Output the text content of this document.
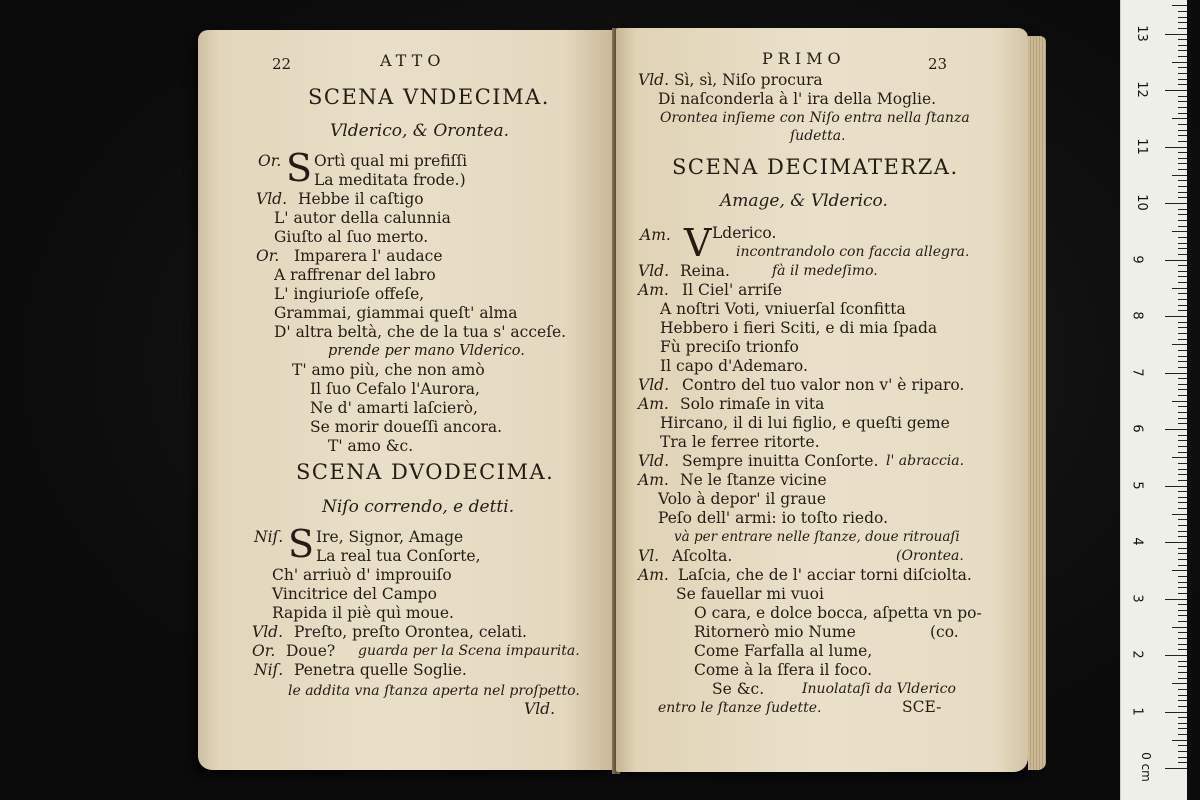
22	ATTO
SCENA VNDECIMA.
Vlderico, & Orontea.
Or. S Ortì qual mi prefiſſi
La meditata frode.)
Vld. Hebbe il caſtigo
L' autor della calunnia
Giuſto al ſuo merto.
Or. Imparera l' audace
A raffrenar del labro
L' ingiurioſe offeſe,
Grammai, giammai queſt' alma
D' altra beltà, che de la tua s' acceſe.
prende per mano Vlderico.
T' amo più, che non amò
Il ſuo Cefalo l'Aurora,
Ne d' amarti laſcierò,
Se morir doueſſi ancora.
T' amo &c.
SCENA DVODECIMA.
Niſo correndo, e detti.
Niſ. S Ire, Signor, Amage
La real tua Conſorte,
Ch' arriuò d' improuiſo
Vincitrice del Campo
Rapida il piè quì moue.
Vld. Preſto, preſto Orontea, celati.
Or. Doue? guarda per la Scena impaurita.
Niſ. Penetra quelle Soglie.
le addita vna ſtanza aperta nel proſpetto.
Vld.
PRIMO	23
Vld. Sì, sì, Niſo procura
Di naſconderla à l' ira della Moglie.
Orontea inſieme con Niſo entra nella ſtanza
ſudetta.
SCENA DECIMATERZA.
Amage, & Vlderico.
Am. V Lderico.
incontrandolo con faccia allegra.
Vld. Reina.	fà il medeſimo.
Am. Il Ciel' arriſe
A noſtri Voti, vniuerſal ſconfitta
Hebbero i fieri Sciti, e di mia ſpada
Fù preciſo trionfo
Il capo d'Ademaro.
Vld. Contro del tuo valor non v' è riparo.
Am. Solo rimaſe in vita
Hircano, il di lui figlio, e queſti geme
Tra le ferree ritorte.
Vld. Sempre inuitta Conſorte. l' abraccia.
Am. Ne le ſtanze vicine
Volo à depor' il graue
Peſo dell' armi: io toſto riedo.
và per entrare nelle ſtanze, doue ritrouaſi
Vl. Aſcolta.	(Orontea.
Am. Laſcia, che de l' acciar torni diſciolta.
Se fauellar mi vuoi
O cara, e dolce bocca, aſpetta vn po-
Ritornerò mio Nume	(co.
Come Farfalla al lume,
Come à la ſfera il foco.
Se &c.	Inuolataſi da Vlderico
entro le ſtanze ſudette.	SCE-
0 cm
1
2
3
4
5
6
7
8
9
10
11
12
13
